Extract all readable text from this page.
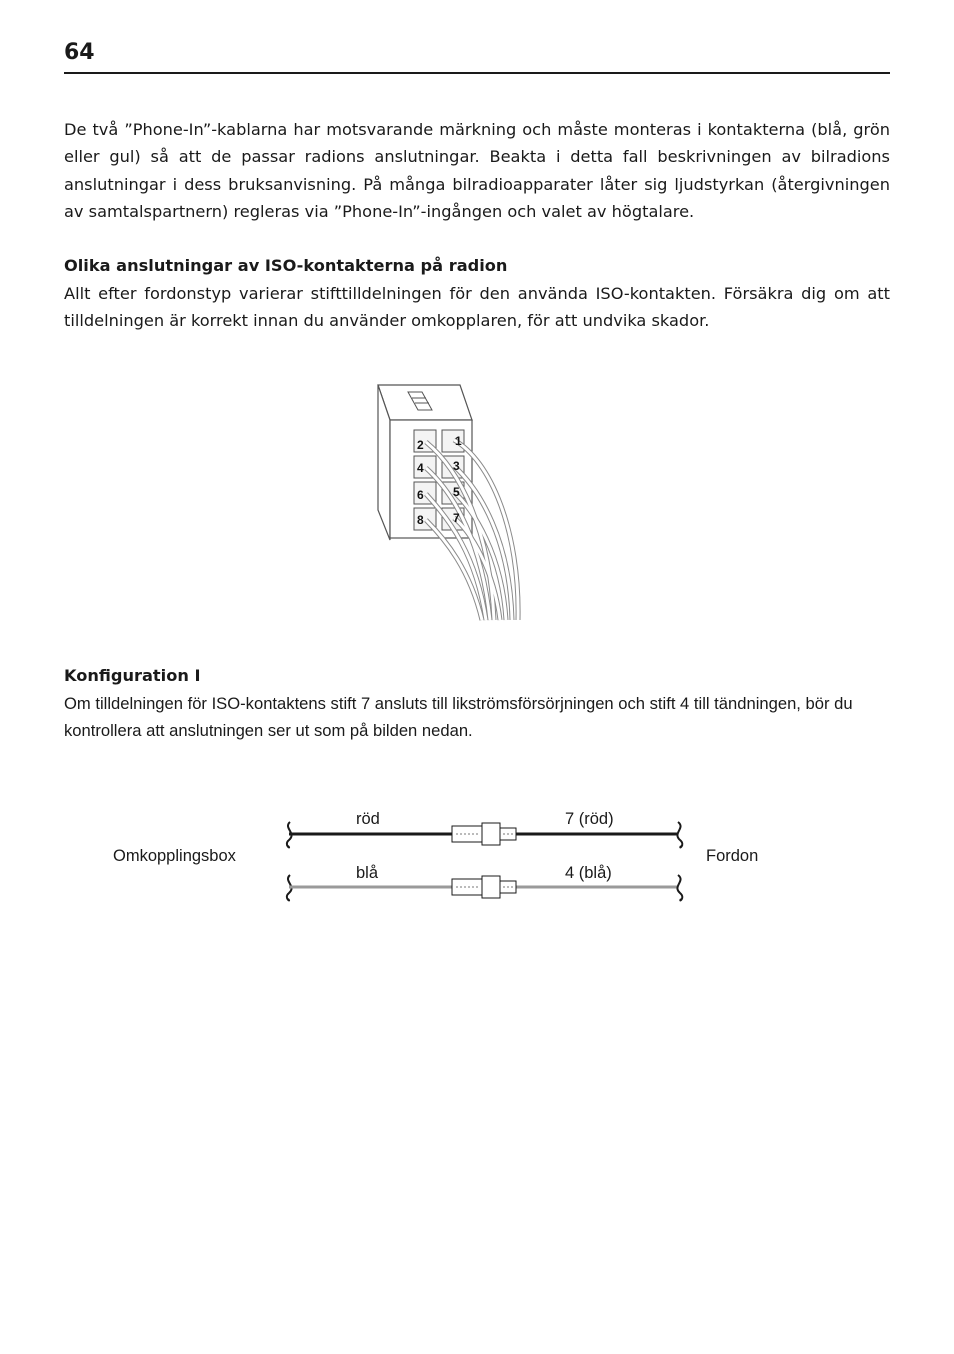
64

De två ”Phone-In”-kablarna har motsvarande märkning och måste monteras i kontakterna (blå, grön eller gul) så att de passar radions anslutningar. Beakta i detta fall beskrivningen av bilradions anslutningar i dess bruksanvisning. På många bilradioapparater låter sig ljudstyrkan (återgivningen av samtalspartnern) regleras via ”Phone-In”-ingången och valet av högtalare.

Olika anslutningar av ISO-kontakterna på radion

Allt efter fordonstyp varierar stifttilldelningen för den använda ISO-kontakten. Försäkra dig om att tilldelningen är korrekt innan du använder omkopplaren, för att undvika skador.

2
4
6
8
1
3
5
7
Konfiguration I

Om tilldelningen för ISO-kontaktens stift 7 ansluts till likströmsförsörjningen och stift 4 till tändningen, bör du kontrollera att anslutningen ser ut som på bilden nedan.

Omkopplingsbox	Fordon
röd	7 (röd)
blå	4 (blå)
